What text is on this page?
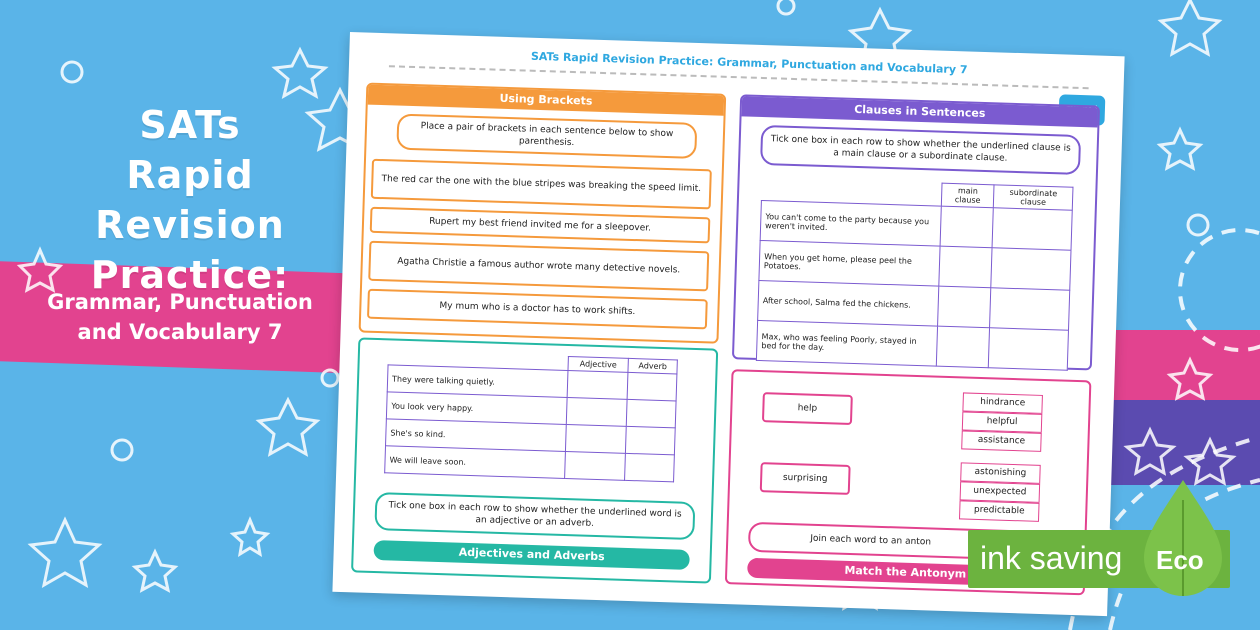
SATs
Rapid Revision
Practice:
Grammar, Punctuation
and Vocabulary 7
SATs Rapid Revision Practice: Grammar, Punctuation and Vocabulary 7
Using Brackets
Place a pair of brackets in each sentence below to show parenthesis.
The red car the one with the blue stripes was breaking the speed limit.
Rupert my best friend invited me for a sleepover.
Agatha Christie a famous author wrote many detective novels.
My mum who is a doctor has to work shifts.
Clauses in Sentences
Tick one box in each row to show whether the underlined clause is a main clause or a subordinate clause.
	main clause	subordinate clause
You can't come to the party because you weren't invited.		
When you get home, please peel the Potatoes.		
After school, Salma fed the chickens.		
Max, who was feeling Poorly, stayed in bed for the day.		
	Adjective	Adverb
They were talking quietly.		
You look very happy.		
She's so kind.		
We will leave soon.		
Tick one box in each row to show whether the underlined word is an adjective or an adverb.
Adjectives and Adverbs
help
surprising
hindrance
helpful
assistance
astonishing
unexpected
predictable
Join each word to an anton
Match the Antonym ink saving Eco
